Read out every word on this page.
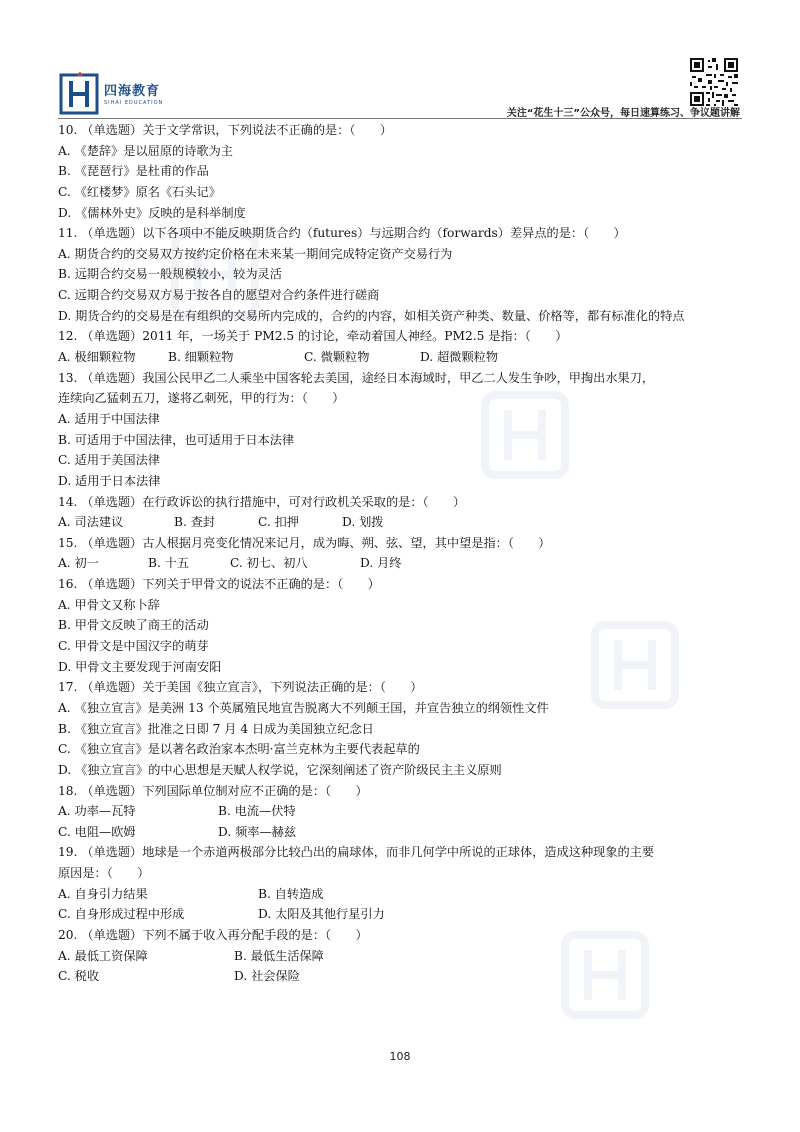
四海教育
SIHAI EDUCATION
关注“花生十三”公众号，每日速算练习、争议题讲解
10. （单选题）关于文学常识，下列说法不正确的是：（　　）
A. 《楚辞》是以屈原的诗歌为主
B. 《琵琶行》是杜甫的作品
C. 《红楼梦》原名《石头记》
D. 《儒林外史》反映的是科举制度
11. （单选题）以下各项中不能反映期货合约（futures）与远期合约（forwards）差异点的是：（　　）
A. 期货合约的交易双方按约定价格在未来某一期间完成特定资产交易行为
B. 远期合约交易一般规模较小，较为灵活
C. 远期合约交易双方易于按各自的愿望对合约条件进行磋商
D. 期货合约的交易是在有组织的交易所内完成的，合约的内容，如相关资产种类、数量、价格等，都有标准化的特点
12. （单选题）2011 年，一场关于 PM2.5 的讨论，牵动着国人神经。PM2.5 是指：（　　）
A. 极细颗粒物	B. 细颗粒物	C. 微颗粒物	D. 超微颗粒物
13. （单选题）我国公民甲乙二人乘坐中国客轮去美国，途经日本海域时，甲乙二人发生争吵，甲掏出水果刀，
连续向乙猛刺五刀，遂将乙刺死，甲的行为：（　　）
A. 适用于中国法律
B. 可适用于中国法律，也可适用于日本法律
C. 适用于美国法律
D. 适用于日本法律
14. （单选题）在行政诉讼的执行措施中，可对行政机关采取的是：（　　）
A. 司法建议	B. 查封	C. 扣押	D. 划拨
15. （单选题）古人根据月亮变化情况来记月，成为晦、朔、弦、望，其中望是指：（　　）
A. 初一	B. 十五	C. 初七、初八	D. 月终
16. （单选题）下列关于甲骨文的说法不正确的是：（　　）
A. 甲骨文又称卜辞
B. 甲骨文反映了商王的活动
C. 甲骨文是中国汉字的萌芽
D. 甲骨文主要发现于河南安阳
17. （单选题）关于美国《独立宣言》，下列说法正确的是：（　　）
A. 《独立宣言》是美洲 13 个英属殖民地宣告脱离大不列颠王国，并宣告独立的纲领性文件
B. 《独立宣言》批准之日即 7 月 4 日成为美国独立纪念日
C. 《独立宣言》是以著名政治家本杰明·富兰克林为主要代表起草的
D. 《独立宣言》的中心思想是天赋人权学说，它深刻阐述了资产阶级民主主义原则
18. （单选题）下列国际单位制对应不正确的是：（　　）
A. 功率—瓦特	B. 电流—伏特
C. 电阻—欧姆	D. 频率—赫兹
19. （单选题）地球是一个赤道两极部分比较凸出的扁球体，而非几何学中所说的正球体，造成这种现象的主要
原因是：（　　）
A. 自身引力结果	B. 自转造成
C. 自身形成过程中形成	D. 太阳及其他行星引力
20. （单选题）下列不属于收入再分配手段的是：（　　）
A. 最低工资保障	B. 最低生活保障
C. 税收	D. 社会保险
108
